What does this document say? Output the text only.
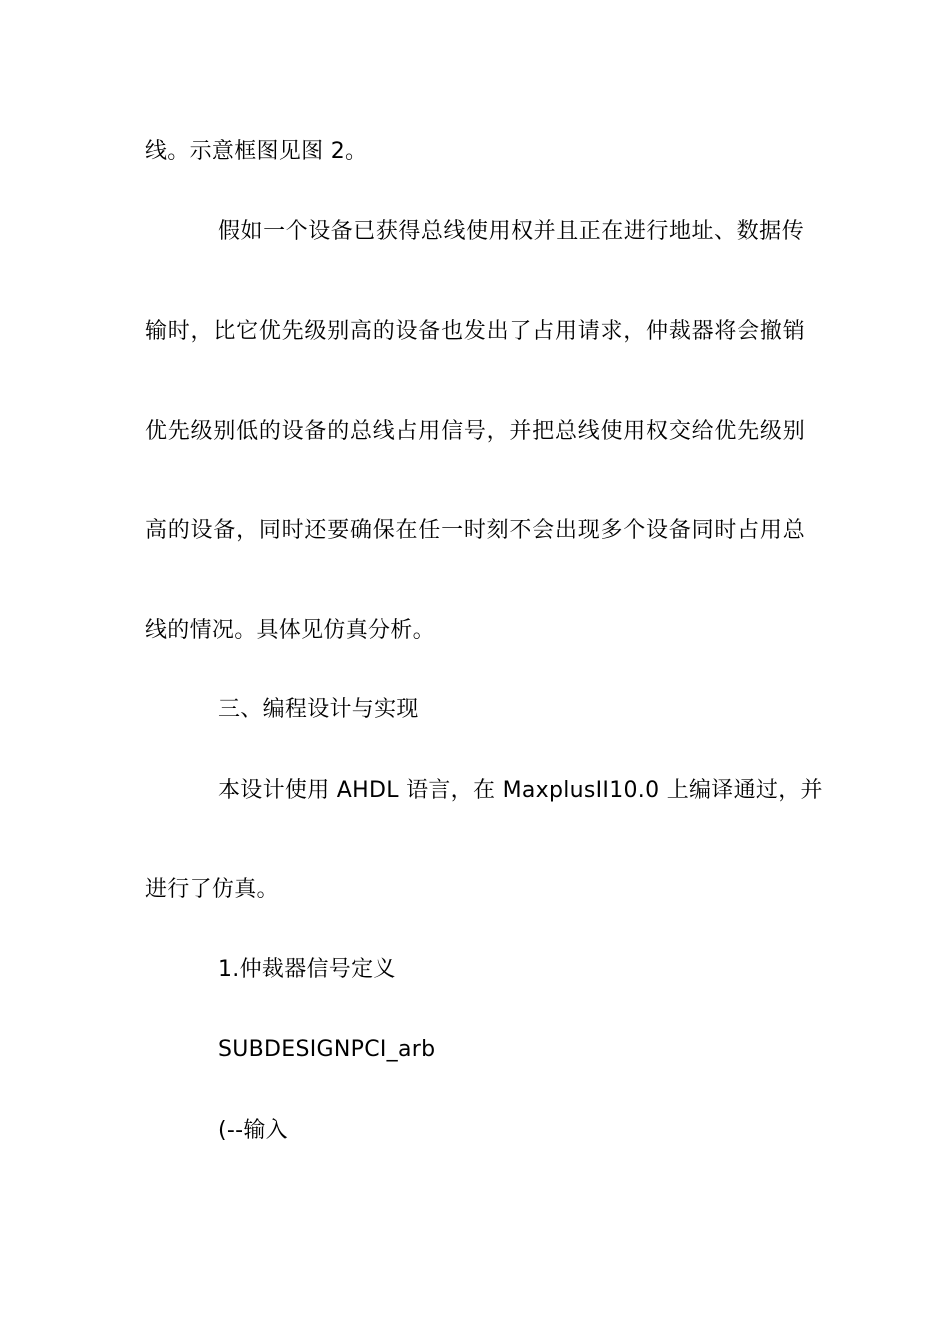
线。示意框图见图 2。
假如一个设备已获得总线使用权并且正在进行地址、数据传
输时，比它优先级别高的设备也发出了占用请求，仲裁器将会撤销
优先级别低的设备的总线占用信号，并把总线使用权交给优先级别
高的设备，同时还要确保在任一时刻不会出现多个设备同时占用总
线的情况。具体见仿真分析。
三、编程设计与实现
本设计使用 AHDL 语言，在 MaxplusII10.0 上编译通过，并
进行了仿真。
1.仲裁器信号定义
SUBDESIGNPCI_arb
(--输入
